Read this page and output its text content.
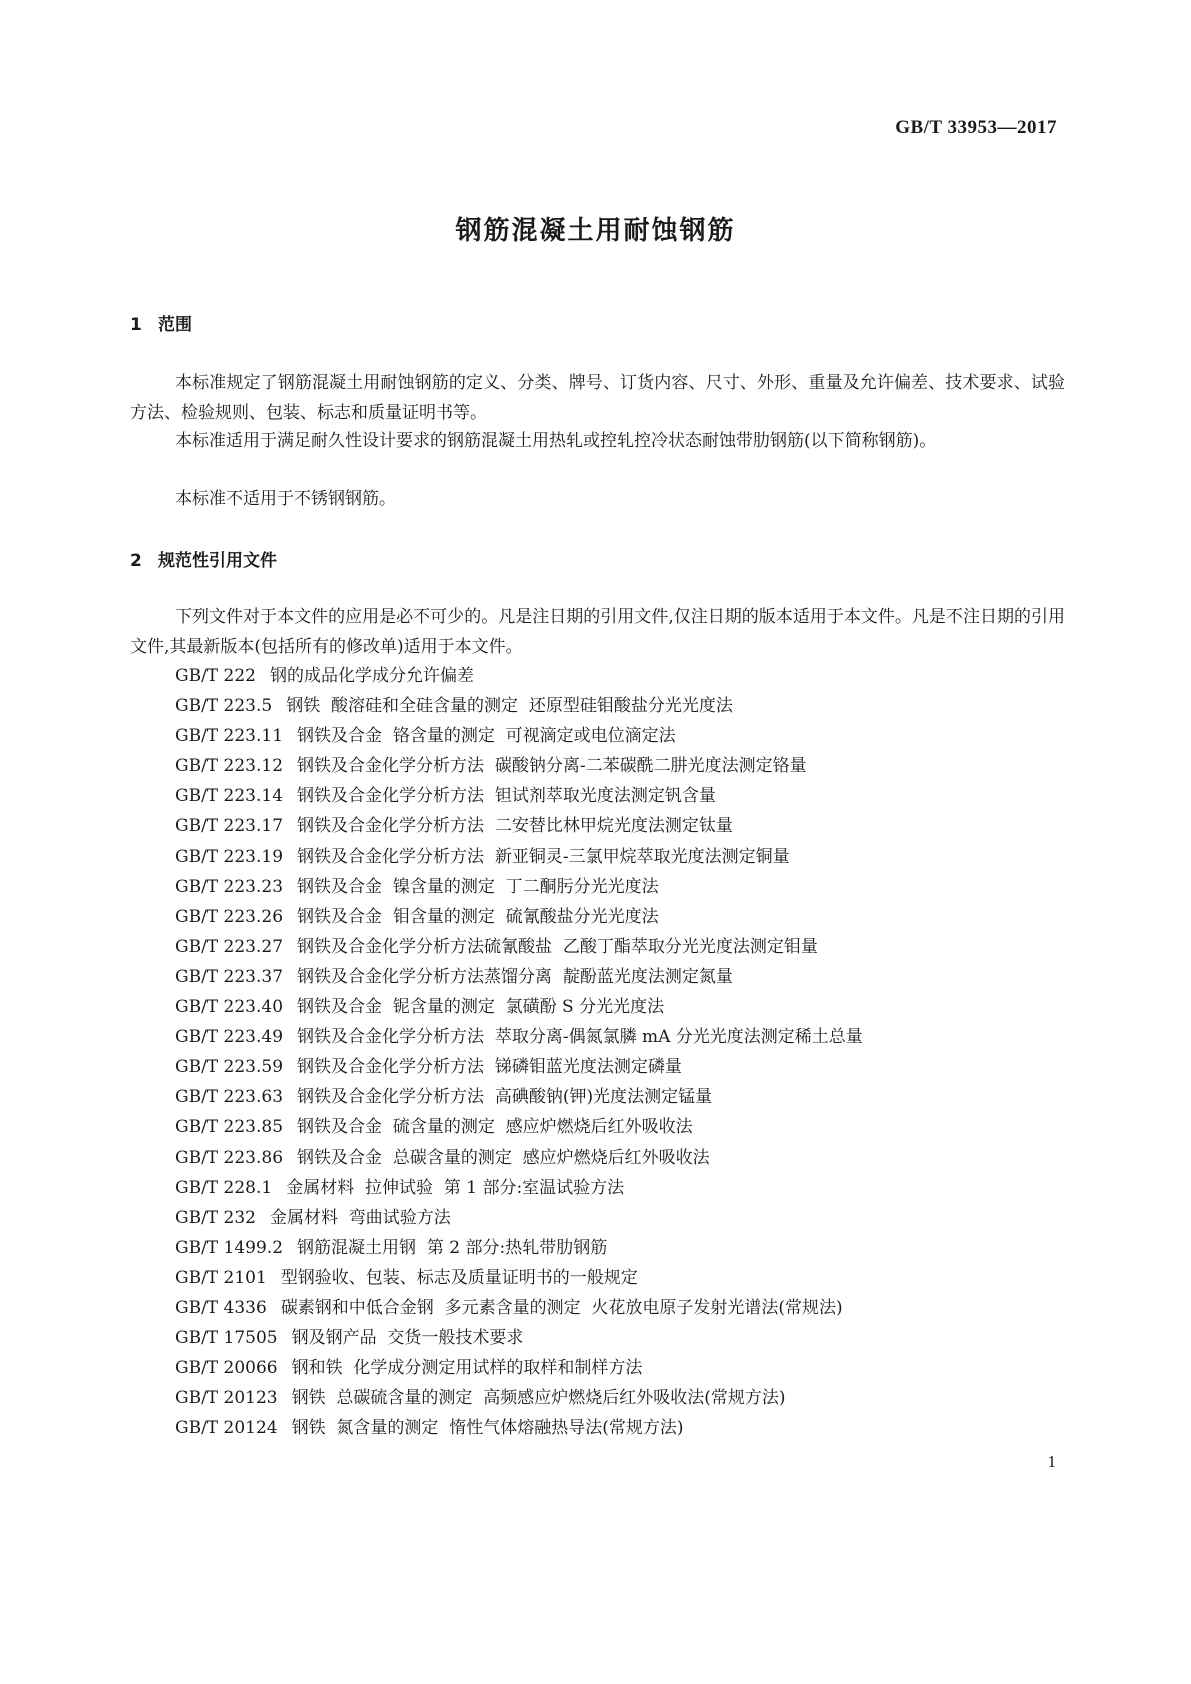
GB/T 33953—2017
钢筋混凝土用耐蚀钢筋
1 范围

本标准规定了钢筋混凝土用耐蚀钢筋的定义、分类、牌号、订货内容、尺寸、外形、重量及允许偏差、技术要求、试验方法、检验规则、包装、标志和质量证明书等。

本标准适用于满足耐久性设计要求的钢筋混凝土用热轧或控轧控冷状态耐蚀带肋钢筋(以下简称钢筋)。

本标准不适用于不锈钢钢筋。

2 规范性引用文件

下列文件对于本文件的应用是必不可少的。凡是注日期的引用文件,仅注日期的版本适用于本文件。凡是不注日期的引用文件,其最新版本(包括所有的修改单)适用于本文件。

GB/T 222 钢的成品化学成分允许偏差
GB/T 223.5 钢铁  酸溶硅和全硅含量的测定  还原型硅钼酸盐分光光度法
GB/T 223.11 钢铁及合金  铬含量的测定  可视滴定或电位滴定法
GB/T 223.12 钢铁及合金化学分析方法  碳酸钠分离-二苯碳酰二肼光度法测定铬量
GB/T 223.14 钢铁及合金化学分析方法  钽试剂萃取光度法测定钒含量
GB/T 223.17 钢铁及合金化学分析方法  二安替比林甲烷光度法测定钛量
GB/T 223.19 钢铁及合金化学分析方法  新亚铜灵-三氯甲烷萃取光度法测定铜量
GB/T 223.23 钢铁及合金  镍含量的测定  丁二酮肟分光光度法
GB/T 223.26 钢铁及合金  钼含量的测定  硫氰酸盐分光光度法
GB/T 223.27 钢铁及合金化学分析方法硫氰酸盐  乙酸丁酯萃取分光光度法测定钼量
GB/T 223.37 钢铁及合金化学分析方法蒸馏分离  靛酚蓝光度法测定氮量
GB/T 223.40 钢铁及合金  铌含量的测定  氯磺酚 S 分光光度法
GB/T 223.49 钢铁及合金化学分析方法  萃取分离-偶氮氯膦 mA 分光光度法测定稀土总量
GB/T 223.59 钢铁及合金化学分析方法  锑磷钼蓝光度法测定磷量
GB/T 223.63 钢铁及合金化学分析方法  高碘酸钠(钾)光度法测定锰量
GB/T 223.85 钢铁及合金  硫含量的测定  感应炉燃烧后红外吸收法
GB/T 223.86 钢铁及合金  总碳含量的测定  感应炉燃烧后红外吸收法
GB/T 228.1 金属材料  拉伸试验  第 1 部分:室温试验方法
GB/T 232 金属材料  弯曲试验方法
GB/T 1499.2 钢筋混凝土用钢  第 2 部分:热轧带肋钢筋
GB/T 2101 型钢验收、包装、标志及质量证明书的一般规定
GB/T 4336 碳素钢和中低合金钢  多元素含量的测定  火花放电原子发射光谱法(常规法)
GB/T 17505 钢及钢产品  交货一般技术要求
GB/T 20066 钢和铁  化学成分测定用试样的取样和制样方法
GB/T 20123 钢铁  总碳硫含量的测定  高频感应炉燃烧后红外吸收法(常规方法)
GB/T 20124 钢铁  氮含量的测定  惰性气体熔融热导法(常规方法)
1
